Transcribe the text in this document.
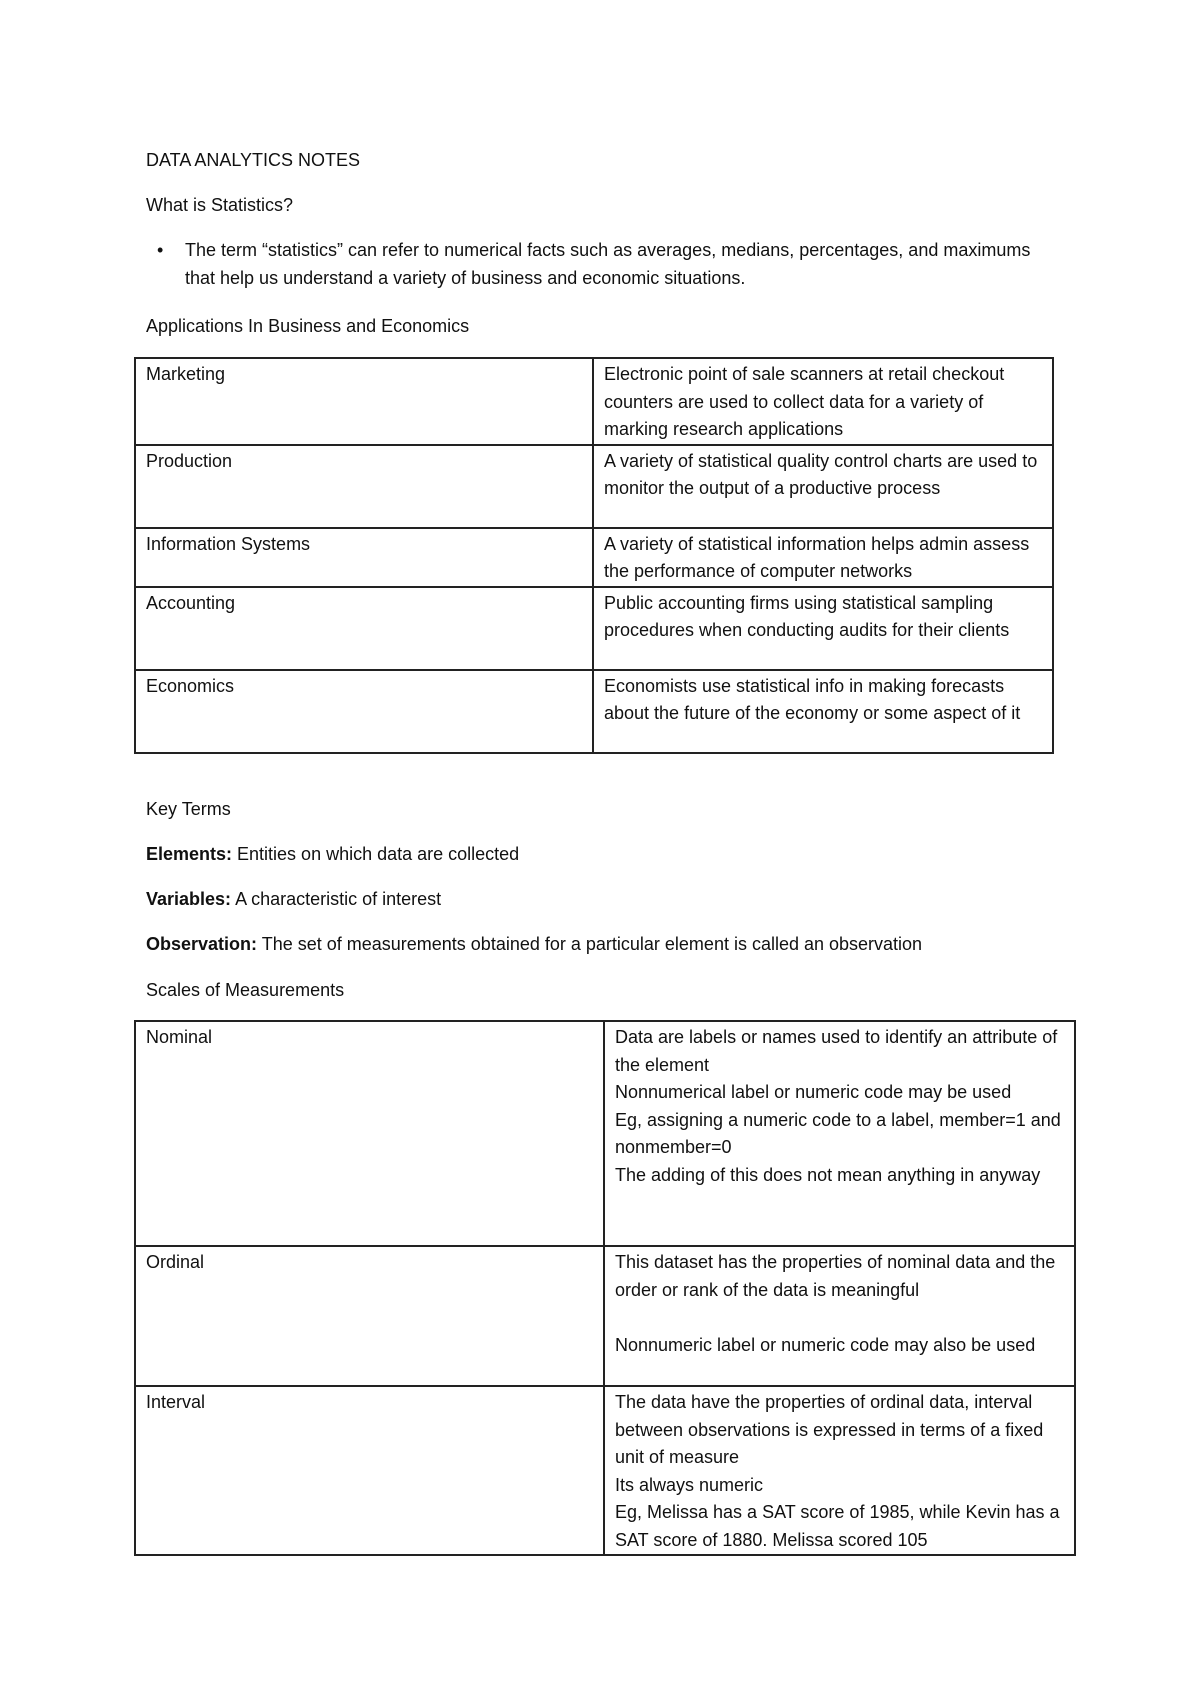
DATA ANALYTICS NOTES
What is Statistics?
• The term “statistics” can refer to numerical facts such as averages, medians, percentages, and maximums that help us understand a variety of business and economic situations.
Applications In Business and Economics
Marketing	Electronic point of sale scanners at retail checkout counters are used to collect data for a variety of marking research applications
Production	A variety of statistical quality control charts are used to monitor the output of a productive process
Information Systems	A variety of statistical information helps admin assess the performance of computer networks
Accounting	Public accounting firms using statistical sampling procedures when conducting audits for their clients
Economics	Economists use statistical info in making forecasts about the future of the economy or some aspect of it
Key Terms
Elements: Entities on which data are collected
Variables: A characteristic of interest
Observation: The set of measurements obtained for a particular element is called an observation
Scales of Measurements
Nominal	Data are labels or names used to identify an attribute of the element
Nonnumerical label or numeric code may be used
Eg, assigning a numeric code to a label, member=1 and nonmember=0
The adding of this does not mean anything in anyway
Ordinal	This dataset has the properties of nominal data and the order or rank of the data is meaningful

Nonnumeric label or numeric code may also be used
Interval	The data have the properties of ordinal data, interval between observations is expressed in terms of a fixed unit of measure
Its always numeric
Eg, Melissa has a SAT score of 1985, while Kevin has a SAT score of 1880. Melissa scored 105
